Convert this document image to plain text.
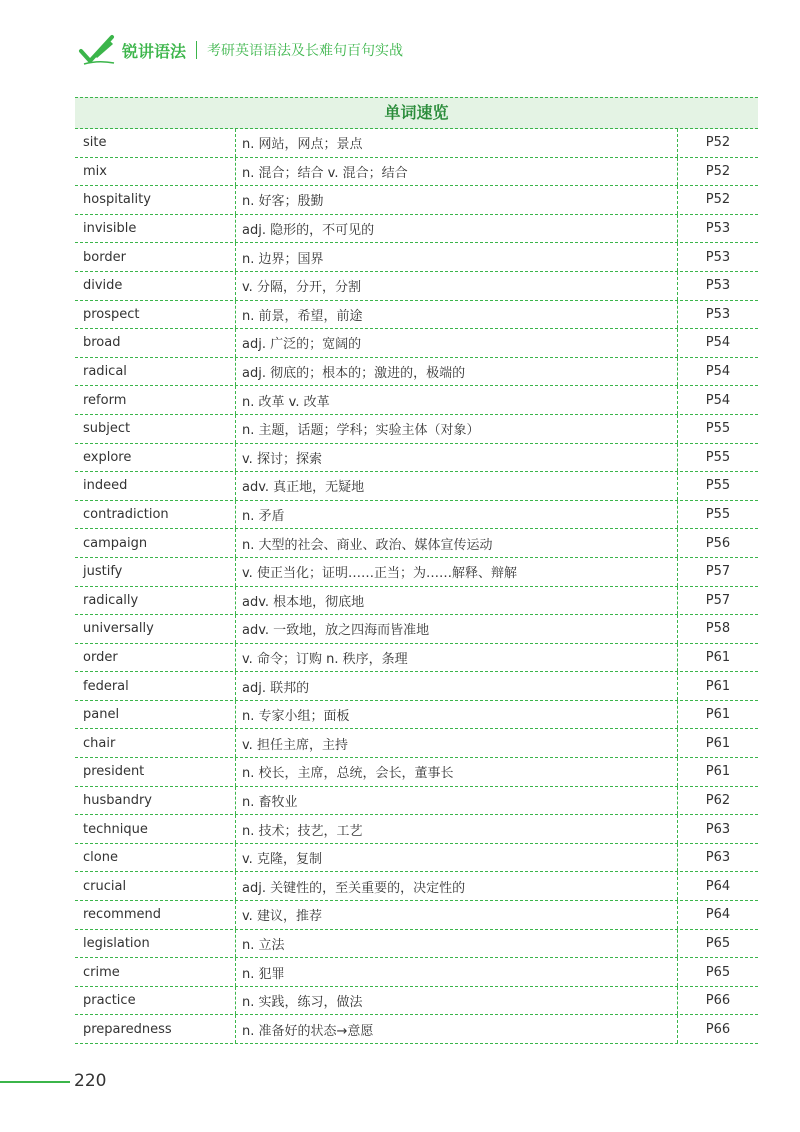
锐讲语法 考研英语语法及长难句百句实战
单词速览
site	n. 网站，网点；景点	P52
mix	n. 混合；结合 v. 混合；结合	P52
hospitality	n. 好客；殷勤	P52
invisible	adj. 隐形的，不可见的	P53
border	n. 边界；国界	P53
divide	v. 分隔，分开，分割	P53
prospect	n. 前景，希望，前途	P53
broad	adj. 广泛的；宽阔的	P54
radical	adj. 彻底的；根本的；激进的，极端的	P54
reform	n. 改革 v. 改革	P54
subject	n. 主题，话题；学科；实验主体（对象）	P55
explore	v. 探讨；探索	P55
indeed	adv. 真正地，无疑地	P55
contradiction	n. 矛盾	P55
campaign	n. 大型的社会、商业、政治、媒体宣传运动	P56
justify	v. 使正当化；证明……正当；为……解释、辩解	P57
radically	adv. 根本地，彻底地	P57
universally	adv. 一致地，放之四海而皆准地	P58
order	v. 命令；订购 n. 秩序，条理	P61
federal	adj. 联邦的	P61
panel	n. 专家小组；面板	P61
chair	v. 担任主席，主持	P61
president	n. 校长，主席，总统，会长，董事长	P61
husbandry	n. 畜牧业	P62
technique	n. 技术；技艺，工艺	P63
clone	v. 克隆，复制	P63
crucial	adj. 关键性的，至关重要的，决定性的	P64
recommend	v. 建议，推荐	P64
legislation	n. 立法	P65
crime	n. 犯罪	P65
practice	n. 实践，练习，做法	P66
preparedness	n. 准备好的状态→意愿	P66
220
